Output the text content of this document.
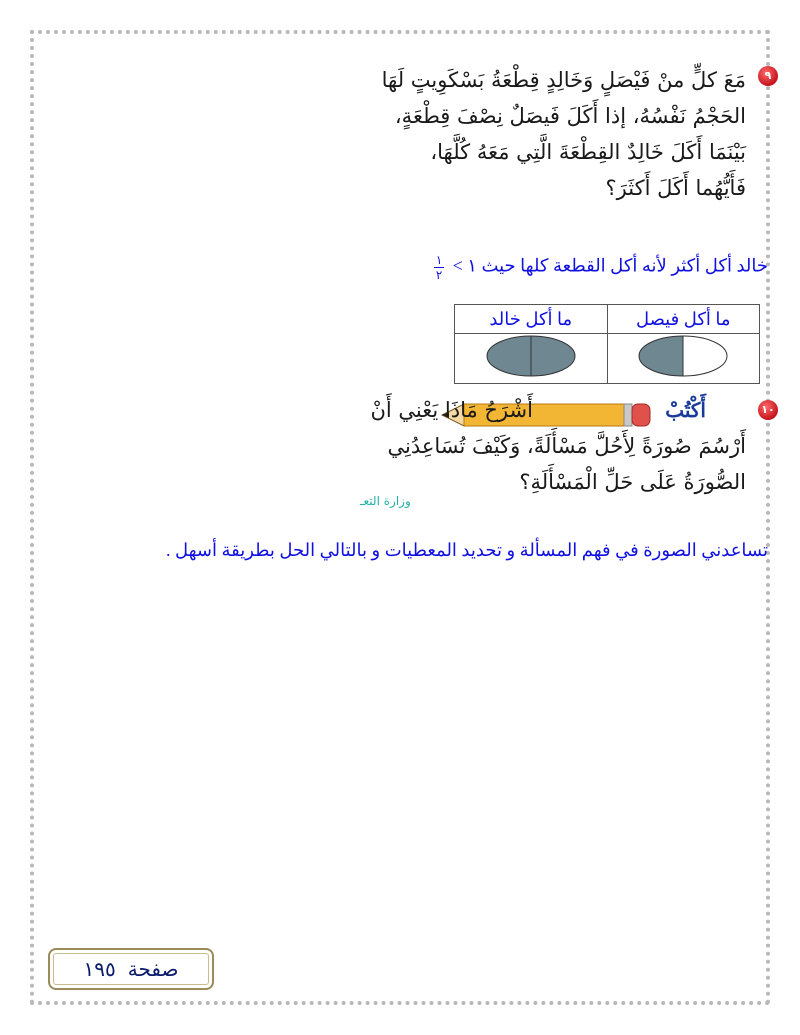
٩
مَعَ كلٍّ منْ فَيْصَلٍ وَخَالِدٍ قِطْعَةُ بَسْكَوِيتٍ لَهَا
الحَجْمُ نَفْسُهُ، إذا أَكَلَ فَيصَلٌ نِصْفَ قِطْعَةٍ،
بَيْنَمَا أَكَلَ خَالِدٌ القِطْعَةَ الَّتِي مَعَهُ كُلَّهَا،
فَأَيُّهُما أَكَلَ أَكثَرَ؟
خالد أكل أكثر لأنه أكل القطعة كلها حيث ١ >
$\frac{١}{٢}$
ما أكل فيصل	ما أكل خالد

١٠
أَكْتُبْ
أَشْرَحُ مَاذَا يَعْنِي أَنْ
أَرْسُمَ صُورَةً لِأَحُلَّ مَسْأَلَةً، وَكَيْفَ تُسَاعِدُنِي
الصُّورَةُ عَلَى حَلِّ الْمَسْأَلَةِ؟
وزارة التعـ
تساعدني الصورة في فهم المسألة و تحديد المعطيات و بالتالي الحل بطريقة أسهل .
صفحة
١٩٥
